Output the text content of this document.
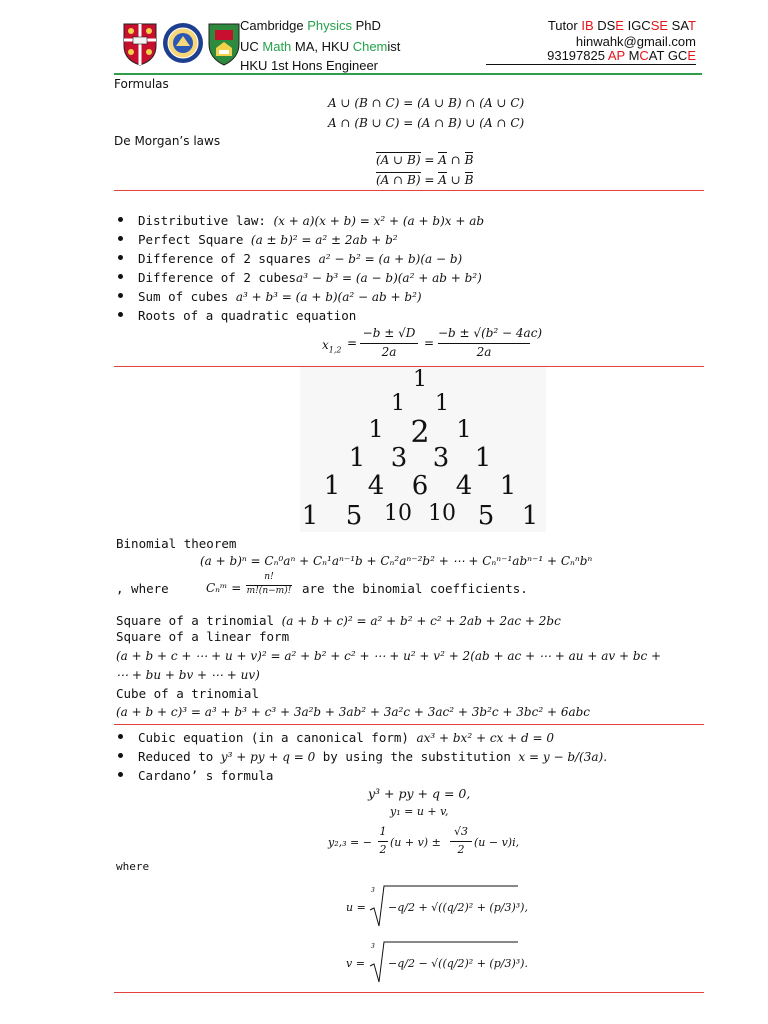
Cambridge Physics PhD
UC Math MA, HKU Chemist
HKU 1st Hons Engineer
Tutor IB DSE IGCSE SAT
hinwahk@gmail.com
93197825 AP MCAT GCE
Formulas
A ∪ (B ∩ C) = (A ∪ B) ∩ (A ∪ C)
A ∩ (B ∪ C) = (A ∩ B) ∪ (A ∩ C)
De Morgan’s laws
(A ∪ B) = A ∩ B
(A ∩ B) = A ∪ B
Distributive law: (x + a)(x + b) = x² + (a + b)x + ab
Perfect Square (a ± b)² = a² ± 2ab + b²
Difference of 2 squares a² − b² = (a + b)(a − b)
Difference of 2 cubesa³ − b³ = (a − b)(a² + ab + b²)
Sum of cubes a³ + b³ = (a + b)(a² − ab + b²)
Roots of a quadratic equation
$x_{1,2}$ =
−b ± √D
2a
=
−b ± √(b² − 4ac)
2a
1
1	1
1 2	1
1 3 3 1
1	4	6	4	1
1	5 10 10 5	1
Binomial theorem
(a + b)ⁿ = Cₙ⁰aⁿ + Cₙ¹aⁿ⁻¹b + Cₙ²aⁿ⁻²b² + ⋯ + Cₙⁿ⁻¹abⁿ⁻¹ + Cₙⁿbⁿ
, where	Cₙᵐ =
n!
m!(n−m)! are the binomial coefficients.
Square of a trinomial (a + b + c)² = a² + b² + c² + 2ab + 2ac + 2bc
Square of a linear form
(a + b + c + ⋯ + u + v)² = a² + b² + c² + ⋯ + u² + v² + 2(ab + ac + ⋯ + au + av + bc +
⋯ + bu + bv + ⋯ + uv)
Cube of a trinomial
(a + b + c)³ = a³ + b³ + c³ + 3a²b + 3ab² + 3a²c + 3ac² + 3b²c + 3bc² + 6abc
Cubic equation (in a canonical form) ax³ + bx² + cx + d = 0
Reduced to y³ + py + q = 0 by using the substitution x = y − b/(3a).
Cardano’ s formula
y³ + py + q = 0,
y₁ = u + v,
y₂,₃ = −
1
2
(u + v) ±
√3
2
(u − v)i,
where
u =
3
−q/2 + √((q/2)² + (p/3)³),
v =
3
−q/2 − √((q/2)² + (p/3)³).
